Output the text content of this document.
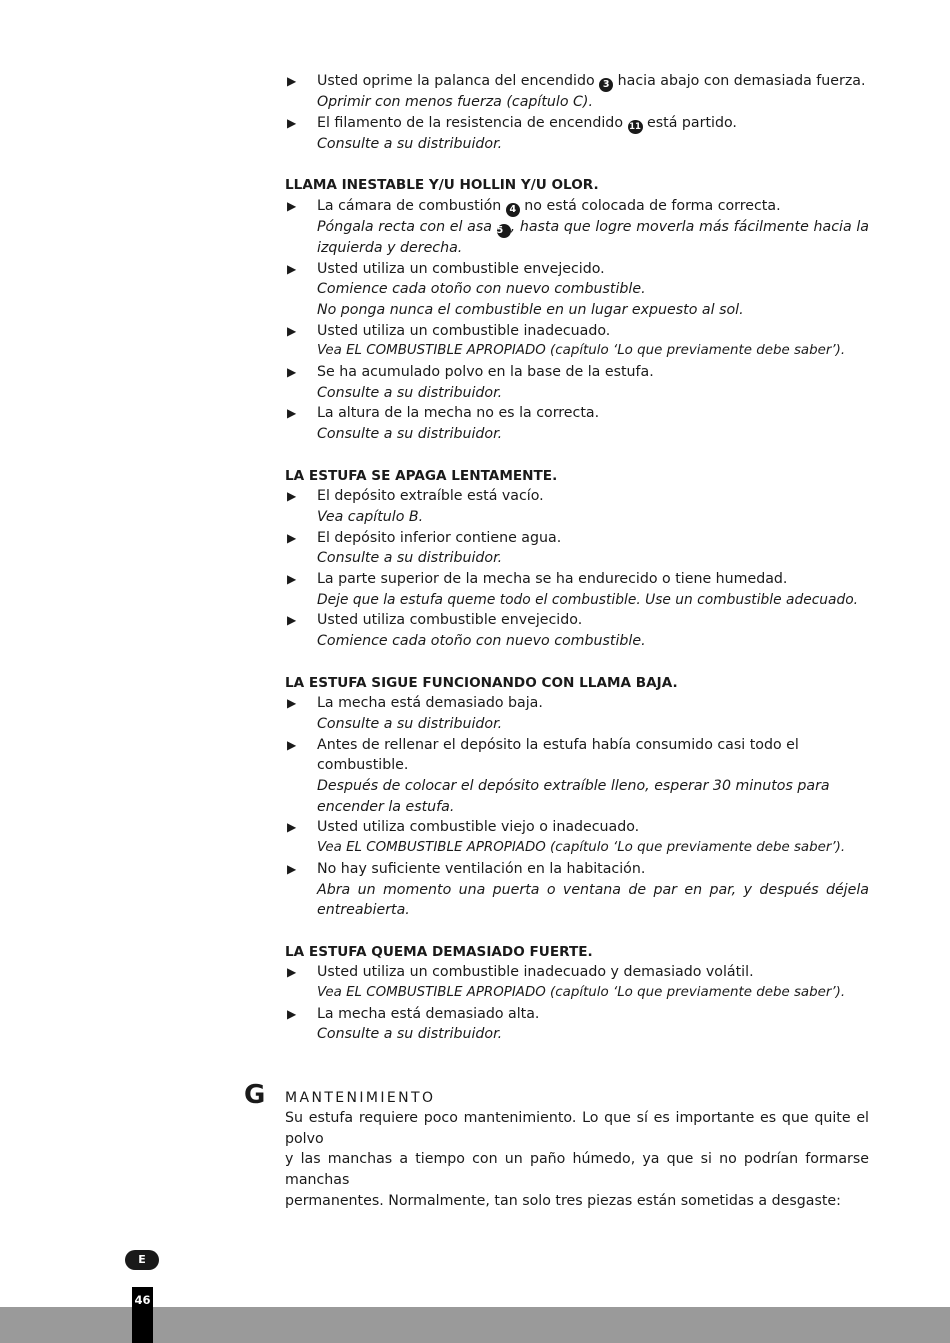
▶ Usted oprime la palanca del encendido 3 hacia abajo con demasiada fuerza.
Oprimir con menos fuerza (capítulo C).
▶ El filamento de la resistencia de encendido 11 está partido.
Consulte a su distribuidor.
LLAMA INESTABLE Y/U HOLLIN Y/U OLOR.
▶ La cámara de combustión 4 no está colocada de forma correcta.
Póngala recta con el asa 5 , hasta que logre moverla más fácilmente hacia la
izquierda y derecha.
▶ Usted utiliza un combustible envejecido.
Comience cada otoño con nuevo combustible.
No ponga nunca el combustible en un lugar expuesto al sol.
▶ Usted utiliza un combustible inadecuado.
Vea EL COMBUSTIBLE APROPIADO (capítulo ‘Lo que previamente debe saber’).
▶ Se ha acumulado polvo en la base de la estufa.
Consulte a su distribuidor.
▶ La altura de la mecha no es la correcta.
Consulte a su distribuidor.
LA ESTUFA SE APAGA LENTAMENTE.
▶ El depósito extraíble está vacío.
Vea capítulo B.
▶ El depósito inferior contiene agua.
Consulte a su distribuidor.
▶ La parte superior de la mecha se ha endurecido o tiene humedad.
Deje que la estufa queme todo el combustible. Use un combustible adecuado.
▶ Usted utiliza combustible envejecido.
Comience cada otoño con nuevo combustible.
LA ESTUFA SIGUE FUNCIONANDO CON LLAMA BAJA.
▶ La mecha está demasiado baja.
Consulte a su distribuidor.
▶ Antes de rellenar el depósito la estufa había consumido casi todo el
combustible.
Después de colocar el depósito extraíble lleno, esperar 30 minutos para
encender la estufa.
▶ Usted utiliza combustible viejo o inadecuado.
Vea EL COMBUSTIBLE APROPIADO (capítulo ‘Lo que previamente debe saber’).
▶ No hay suficiente ventilación en la habitación.
Abra un momento una puerta o ventana de par en par, y después déjela
entreabierta.
LA ESTUFA QUEMA DEMASIADO FUERTE.
▶ Usted utiliza un combustible inadecuado y demasiado volátil.
Vea EL COMBUSTIBLE APROPIADO (capítulo ‘Lo que previamente debe saber’).
▶ La mecha está demasiado alta.
Consulte a su distribuidor.
G MANTENIMIENTO
Su estufa requiere poco mantenimiento. Lo que sí es importante es que quite el polvo
y las manchas a tiempo con un paño húmedo, ya que si no podrían formarse manchas
permanentes. Normalmente, tan solo tres piezas están sometidas a desgaste:
E
46
